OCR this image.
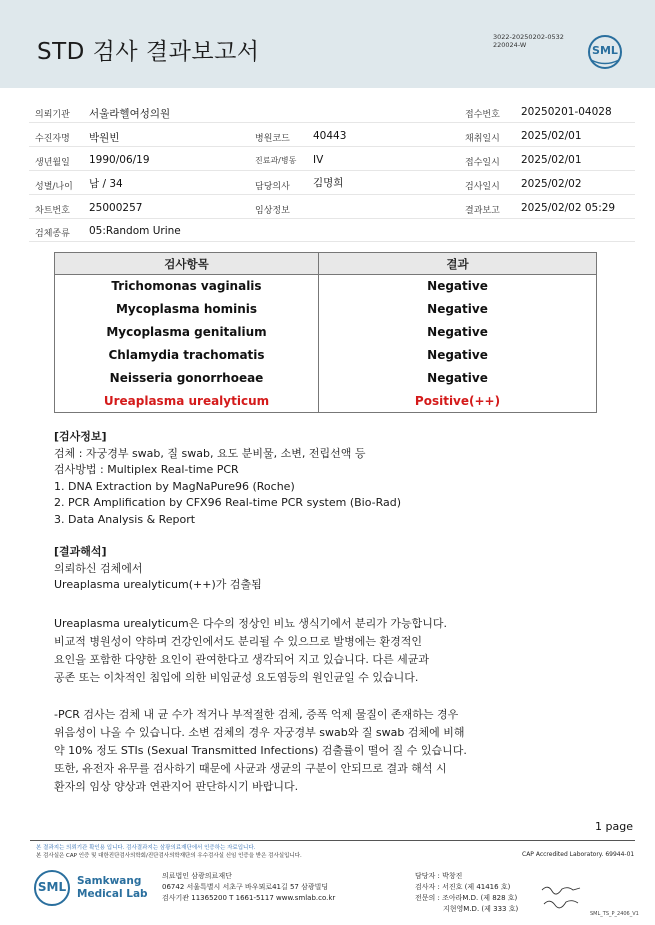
STD 검사 결과보고서
3022-20250202-0532
220024-W	SML
의뢰기관 서울라헬여성의원	접수번호 20250201-04028
수진자명 박원빈	병원코드 40443	채취일시 2025/02/01
생년월일 1990/06/19	진료과/병동 IV	접수일시 2025/02/01
성별/나이 남 / 34	담당의사 김명희	검사일시 2025/02/02
차트번호 25000257	임상정보	결과보고 2025/02/02 05:29
검체종류 05:Random Urine
검사항목	결과
Trichomonas vaginalis	Negative
Mycoplasma hominis	Negative
Mycoplasma genitalium	Negative
Chlamydia trachomatis	Negative
Neisseria gonorrhoeae	Negative
Ureaplasma urealyticum	Positive(++)
[검사정보]
검체 : 자궁경부 swab, 질 swab, 요도 분비물, 소변, 전립선액 등
검사방법 : Multiplex Real-time PCR
1. DNA Extraction by MagNaPure96 (Roche)
2. PCR Amplification by CFX96 Real-time PCR system (Bio-Rad)
3. Data Analysis & Report
[결과해석]
의뢰하신 검체에서
Ureaplasma urealyticum(++)가 검출됨
Ureaplasma urealyticum은 다수의 정상인 비뇨 생식기에서 분리가 가능합니다.
비교적 병원성이 약하며 건강인에서도 분리될 수 있으므로 발병에는 환경적인
요인을 포함한 다양한 요인이 관여한다고 생각되어 지고 있습니다. 다른 세균과
공존 또는 이차적인 침입에 의한 비임균성 요도염등의 원인균일 수 있습니다.
-PCR 검사는 검체 내 균 수가 적거나 부적절한 검체, 증폭 억제 물질이 존재하는 경우
위음성이 나올 수 있습니다. 소변 검체의 경우 자궁경부 swab와 질 swab 검체에 비해
약 10% 정도 STIs (Sexual Transmitted Infections) 검출률이 떨어 질 수 있습니다.
또한, 유전자 유무를 검사하기 때문에 사균과 생균의 구분이 안되므로 결과 해석 시
환자의 임상 양상과 연관지어 판단하시기 바랍니다.
1 page
본 결과지는 의뢰기관 확인용 입니다. 검사결과지는 삼광의료재단에서 인증하는 자료입니다.
본 검사실은 CAP 인증 및 대한진단검사의학회/진단검사의학재단의 우수검사실 신임 인증을 받은 검사실입니다.	CAP Accredited Laboratory. 69944-01
SML Samkwang
Medical Lab
의료법인 삼광의료재단
06742 서울특별시 서초구 바우뫼로41길 57 삼광빌딩
검사기관 11365200 T 1661-5117 www.smlab.co.kr
담당자 : 박창진
검사자 : 서진호 (제 41416 호)
전문의 : 조아라M.D. (제 828 호)
지현영M.D. (제 333 호)
SML_TS_P_2406_V1
